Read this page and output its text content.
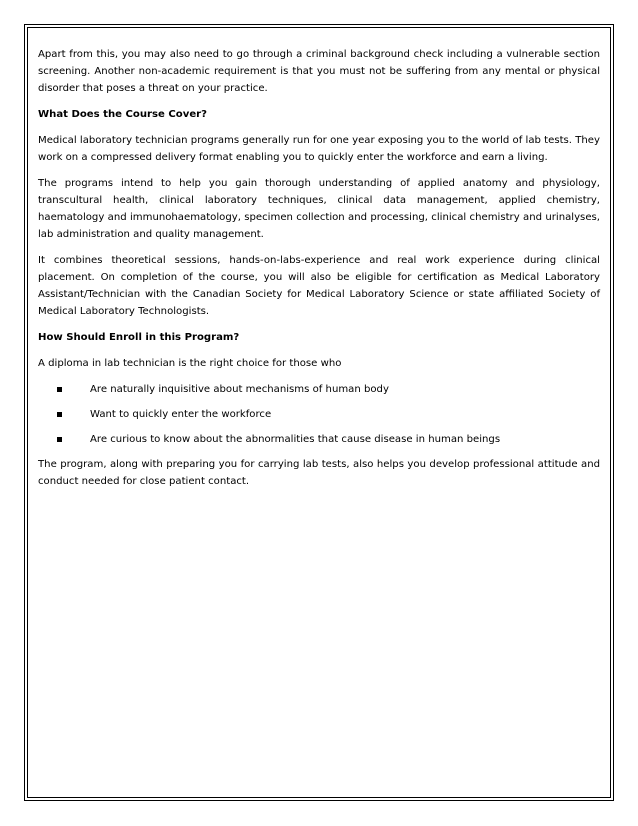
Apart from this, you may also need to go through a criminal background check including a vulnerable section screening. Another non-academic requirement is that you must not be suffering from any mental or physical disorder that poses a threat on your practice.

What Does the Course Cover?

Medical laboratory technician programs generally run for one year exposing you to the world of lab tests. They work on a compressed delivery format enabling you to quickly enter the workforce and earn a living.

The programs intend to help you gain thorough understanding of applied anatomy and physiology, transcultural health, clinical laboratory techniques, clinical data management, applied chemistry, haematology and immunohaematology, specimen collection and processing, clinical chemistry and urinalyses, lab administration and quality management.

It combines theoretical sessions, hands-on-labs-experience and real work experience during clinical placement. On completion of the course, you will also be eligible for certification as Medical Laboratory Assistant/Technician with the Canadian Society for Medical Laboratory Science or state affiliated Society of Medical Laboratory Technologists.

How Should Enroll in this Program?

A diploma in lab technician is the right choice for those who

Are naturally inquisitive about mechanisms of human body
Want to quickly enter the workforce
Are curious to know about the abnormalities that cause disease in human beings

The program, along with preparing you for carrying lab tests, also helps you develop professional attitude and conduct needed for close patient contact.
